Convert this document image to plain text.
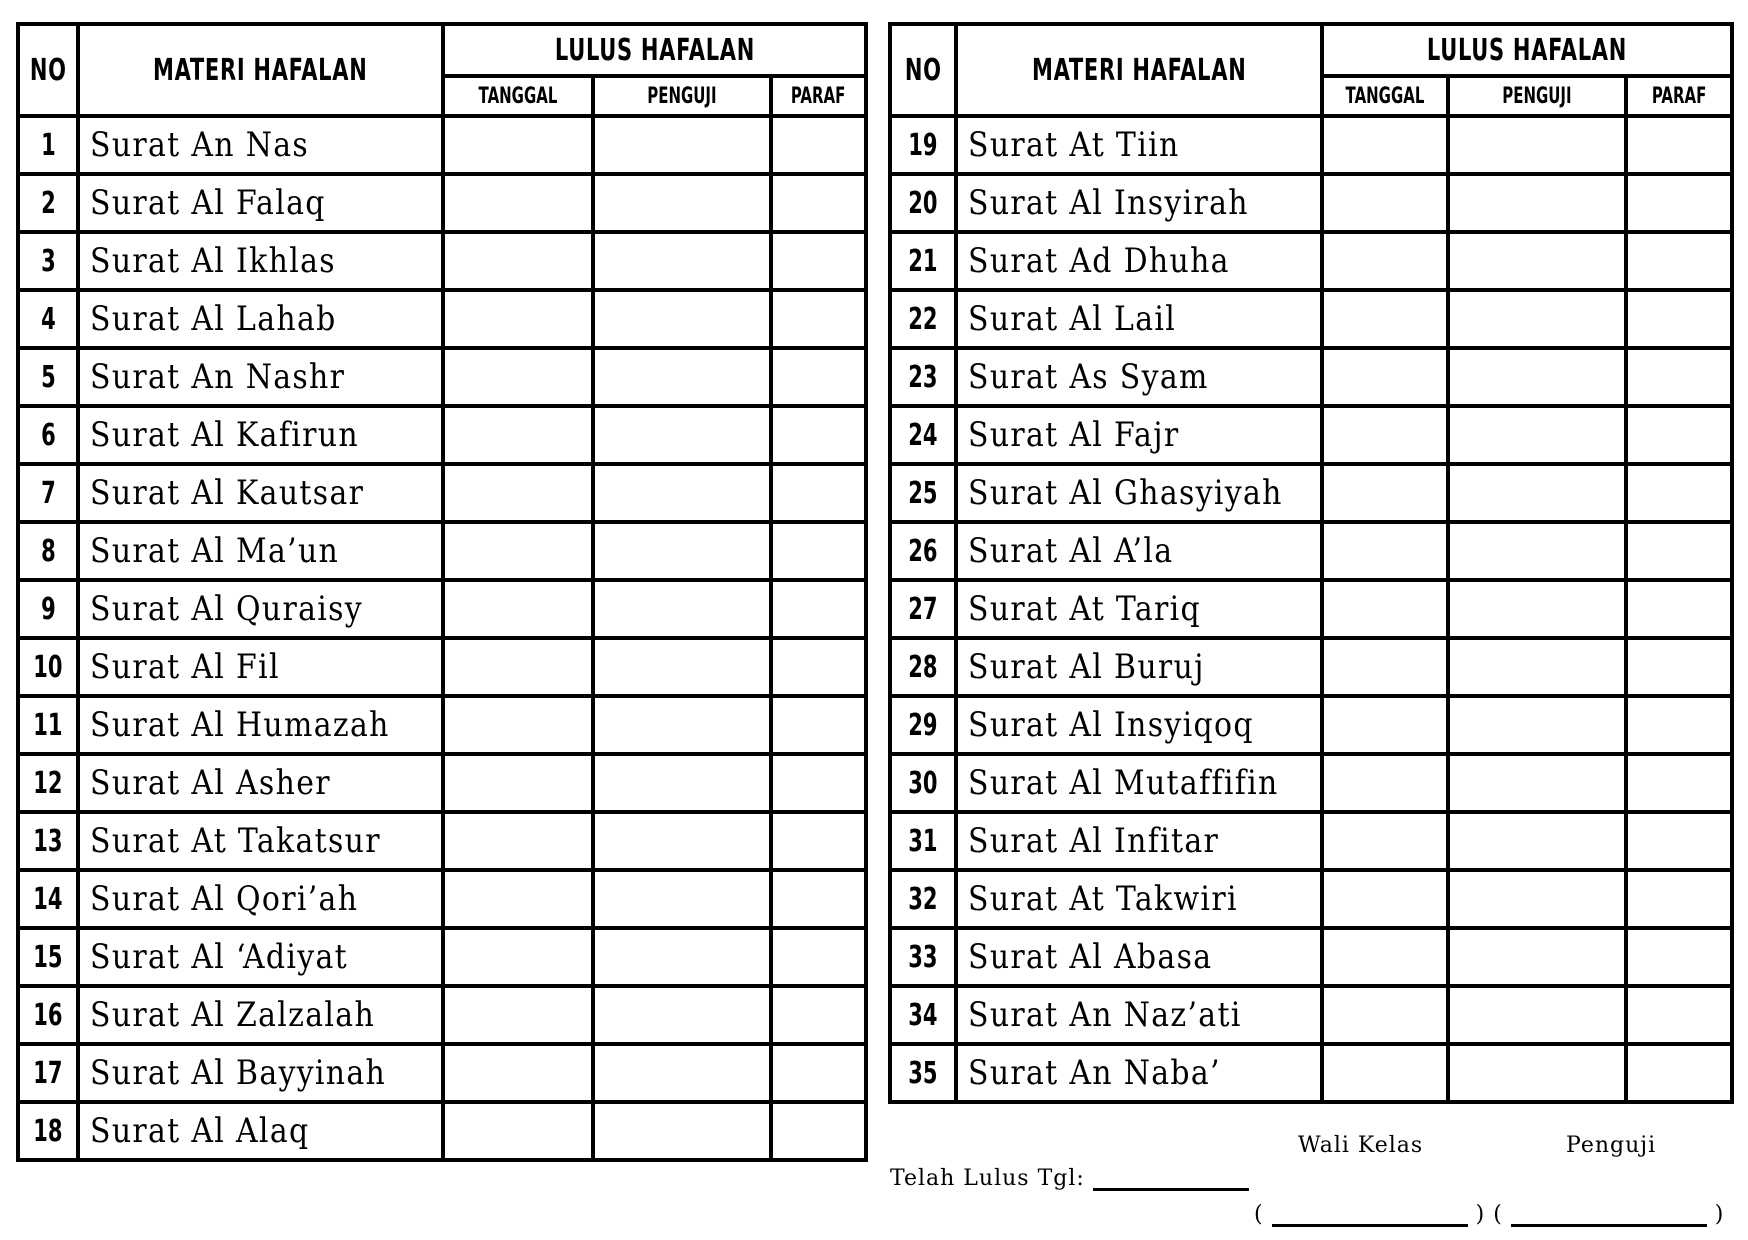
NO	MATERI HAFALAN	LULUS HAFALAN		
		TANGGAL	PENGUJI	PARAF
1	Surat An Nas			
2	Surat Al Falaq			
3	Surat Al Ikhlas			
4	Surat Al Lahab			
5	Surat An Nashr			
6	Surat Al Kafirun			
7	Surat Al Kautsar			
8	Surat Al Ma’un			
9	Surat Al Quraisy			
10	Surat Al Fil			
11	Surat Al Humazah			
12	Surat Al Asher			
13	Surat At Takatsur			
14	Surat Al Qori’ah			
15	Surat Al ‘Adiyat			
16	Surat Al Zalzalah			
17	Surat Al Bayyinah			
18	Surat Al Alaq			
NO	MATERI HAFALAN	LULUS HAFALAN		
		TANGGAL	PENGUJI	PARAF
19	Surat At Tiin			
20	Surat Al Insyirah			
21	Surat Ad Dhuha			
22	Surat Al Lail			
23	Surat As Syam			
24	Surat Al Fajr			
25	Surat Al Ghasyiyah			
26	Surat Al A’la			
27	Surat At Tariq			
28	Surat Al Buruj			
29	Surat Al Insyiqoq			
30	Surat Al Mutaffifin			
31	Surat Al Infitar			
32	Surat At Takwiri			
33	Surat Al Abasa			
34	Surat An Naz’ati			
35	Surat An Naba’			
Wali Kelas	Penguji
Telah Lulus Tgl:
(	) (	)
